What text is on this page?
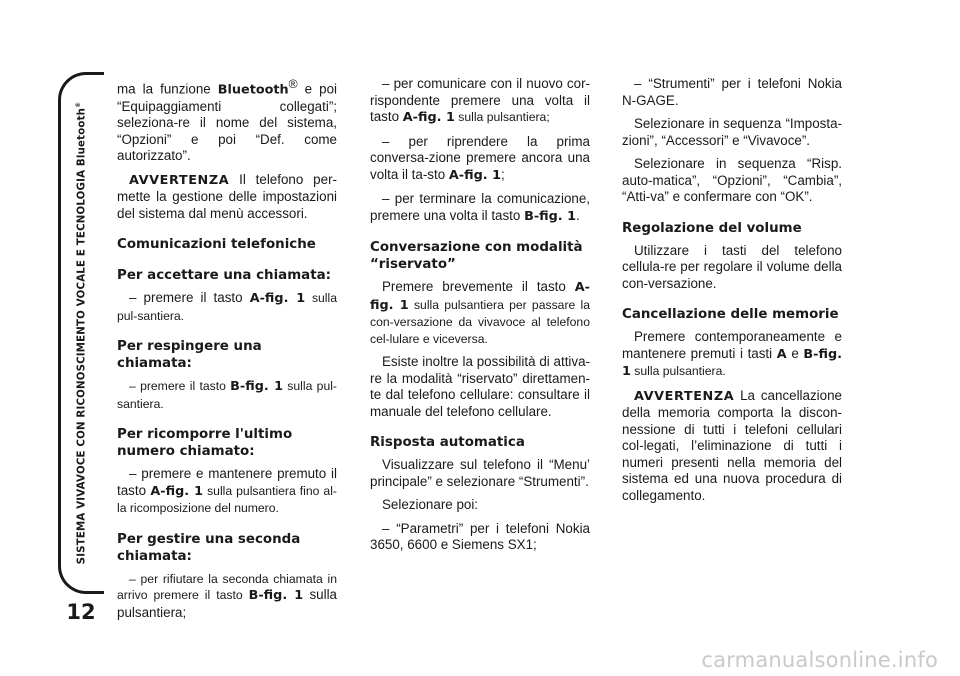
SISTEMA VIVAVOCE CON RICONOSCIMENTO VOCALE E TECNOLOGIA Bluetooth®
12

ma la funzione Bluetooth® e poi “Equipaggiamenti collegati”; seleziona-re il nome del sistema, “Opzioni” e poi “Def. come autorizzato”.

AVVERTENZA Il telefono per-mette la gestione delle impostazioni del sistema dal menù accessori.

Comunicazioni telefoniche
Per accettare una chiamata:

– premere il tasto A-fig. 1 sulla pul-santiera.

Per respingere una chiamata:

– premere il tasto B-fig. 1 sulla pul-santiera.

Per ricomporre l'ultimo numero chiamato:

– premere e mantenere premuto il tasto A-fig. 1 sulla pulsantiera fino al-la ricomposizione del numero.

Per gestire una seconda chiamata:

– per rifiutare la seconda chiamata in arrivo premere il tasto B-fig. 1 sulla pulsantiera;

– per comunicare con il nuovo cor-rispondente premere una volta il tasto A-fig. 1 sulla pulsantiera;

– per riprendere la prima conversa-zione premere ancora una volta il ta-sto A-fig. 1;

– per terminare la comunicazione, premere una volta il tasto B-fig. 1.

Conversazione con modalità “riservato”

Premere brevemente il tasto A-fig. 1 sulla pulsantiera per passare la con-versazione da vivavoce al telefono cel-lulare e viceversa.

Esiste inoltre la possibilità di attiva-re la modalità “riservato” direttamen-te dal telefono cellulare: consultare il manuale del telefono cellulare.

Risposta automatica

Visualizzare sul telefono il “Menu’ principale” e selezionare “Strumenti”.

Selezionare poi:

– “Parametri” per i telefoni Nokia 3650, 6600 e Siemens SX1;

– “Strumenti” per i telefoni Nokia N-GAGE.

Selezionare in sequenza “Imposta-zioni”, “Accessori” e “Vivavoce”.

Selezionare in sequenza “Risp. auto-matica”, “Opzioni”, “Cambia”, “Atti-va” e confermare con “OK”.

Regolazione del volume

Utilizzare i tasti del telefono cellula-re per regolare il volume della con-versazione.

Cancellazione delle memorie

Premere contemporaneamente e mantenere premuti i tasti A e B-fig. 1 sulla pulsantiera.

AVVERTENZA La cancellazione della memoria comporta la discon-nessione di tutti i telefoni cellulari col-legati, l’eliminazione di tutti i numeri presenti nella memoria del sistema ed una nuova procedura di collegamento.

carmanualsonline.info
